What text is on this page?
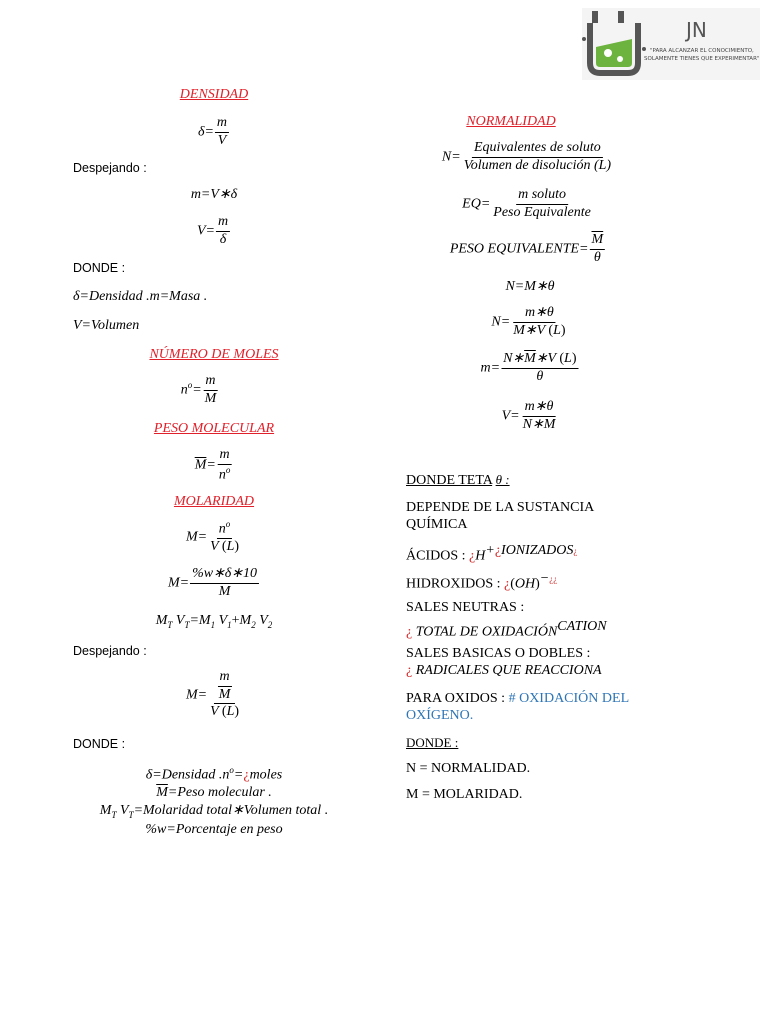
JN
"PARA ALCANZAR EL CONOCIMIENTO,
SOLAMENTE TIENES QUE EXPERIMENTAR"
DENSIDAD
$\delta= \frac{m}{V}$
Despejando :
m=V∗δ
$V= \frac{m}{\delta}$
DONDE :
δ=Densidad .m=Masa .
V=Volumen
NÚMERO DE MOLES
$n^o= \frac{m}{M}$
PESO MOLECULAR
$\overline{M}= \frac{m}{n^o}$
MOLARIDAD
$M= \frac{n^o}{V (L)}$
$M= \frac{\%w∗\delta∗10}{M}$
$M_T$ $V_T=M_1$ $V_1+M_2$ $V_2$
Despejando :
$M= \frac{\frac{m}{M}}{V (L)}$
DONDE :
δ=Densidad $.n^o=¿moles$
$\overline{M}=Peso$ molecular .
$M_T$ $V_T=Molaridad$ total∗Volumen total .
%w=Porcentaje en peso
NORMALIDAD
$N= \frac{\text{Equivalentes de soluto}}{\text{Volumen de disolución (L)}}$
$EQ= \frac{\text{m soluto}}{\text{Peso Equivalente}}$
PESO EQUIVALENTE= $\frac{\overline{M}}{\theta}$
N=M∗θ
$N= \frac{m∗\theta}{\overline{M}∗V (L)}$
$m= \frac{N∗\overline{M}∗V (L)}{\theta}$
$V= \frac{m∗\theta}{N∗\overline{M}}$
DONDE TETA θ :
DEPENDE DE LA SUSTANCIA QUÍMICA
ÁCIDOS : ¿$H^{+¿IONIZADOS¿}$
HIDROXIDOS : ¿(OH)−¿¿
SALES NEUTRAS :
¿ TOTAL DE $OXIDACIÓN^{CATION}$
SALES BASICAS O DOBLES :
¿ RADICALES QUE REACCIONA
PARA OXIDOS : # OXIDACIÓN DEL OXÍGENO.
DONDE :
N = NORMALIDAD.
M = MOLARIDAD.
